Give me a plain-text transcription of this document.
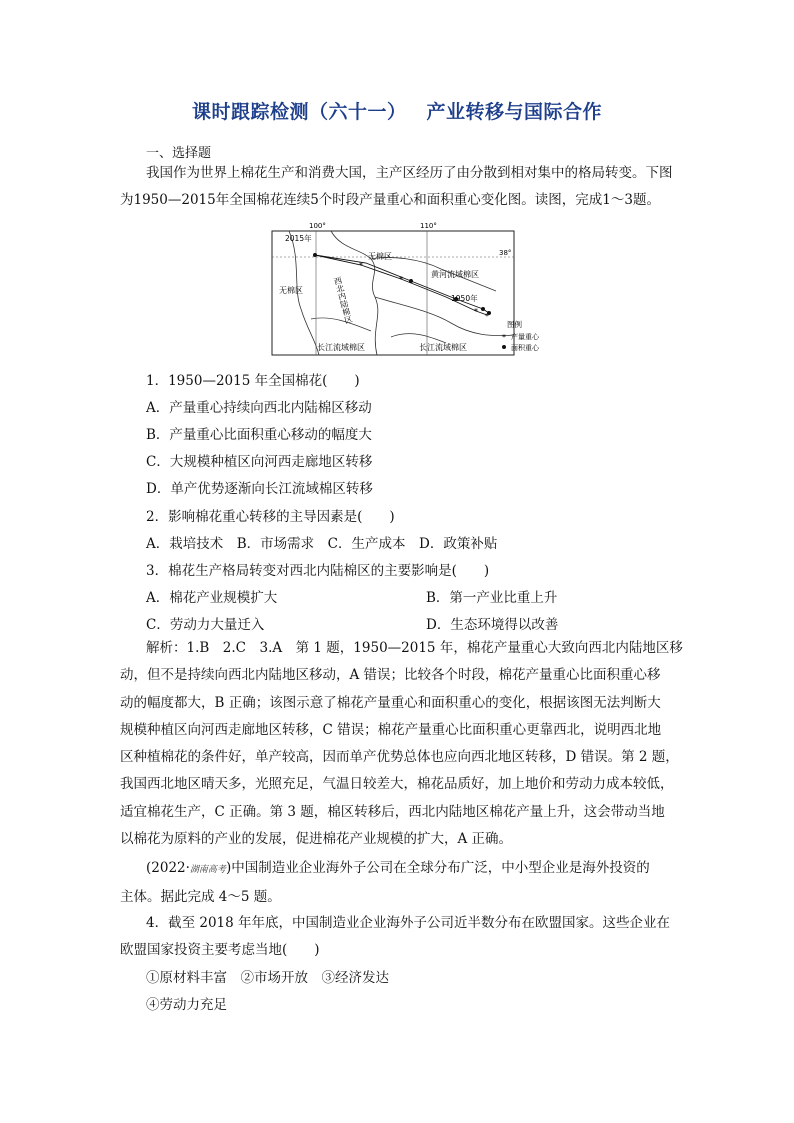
课时跟踪检测（六十一） 产业转移与国际合作
一、选择题
我国作为世界上棉花生产和消费大国，主产区经历了由分散到相对集中的格局转变。下图为1950—2015年全国棉花连续5个时段产量重心和面积重心变化图。读图，完成1～3题。
*
*
*
*
100°	110°
38°
2015年
1950年
无棉区
无棉区	西北内陆棉区
黄河流域棉区
长江流域棉区	长江流域棉区
图例
* 产量重心
面积重心
1．1950—2015 年全国棉花(　　)
A．产量重心持续向西北内陆棉区移动
B．产量重心比面积重心移动的幅度大
C．大规模种植区向河西走廊地区转移
D．单产优势逐渐向长江流域棉区转移
2．影响棉花重心转移的主导因素是(　　)
A．栽培技术　B．市场需求　C．生产成本　D．政策补贴
3．棉花生产格局转变对西北内陆棉区的主要影响是(　　)
A．棉花产业规模扩大	B．第一产业比重上升
C．劳动力大量迁入	D．生态环境得以改善
解析：1.B　2.C　3.A　第 1 题，1950—2015 年，棉花产量重心大致向西北内陆地区移
动，但不是持续向西北内陆地区移动，A 错误；比较各个时段，棉花产量重心比面积重心移
动的幅度都大，B 正确；该图示意了棉花产量重心和面积重心的变化，根据该图无法判断大
规模种植区向河西走廊地区转移，C 错误；棉花产量重心比面积重心更靠西北，说明西北地
区种植棉花的条件好，单产较高，因而单产优势总体也应向西北地区转移，D 错误。第 2 题，
我国西北地区晴天多，光照充足，气温日较差大，棉花品质好，加上地价和劳动力成本较低，
适宜棉花生产，C 正确。第 3 题，棉区转移后，西北内陆地区棉花产量上升，这会带动当地
以棉花为原料的产业的发展，促进棉花产业规模的扩大，A 正确。
(2022·湖南高考)中国制造业企业海外子公司在全球分布广泛，中小型企业是海外投资的
主体。据此完成 4～5 题。
4．截至 2018 年年底，中国制造业企业海外子公司近半数分布在欧盟国家。这些企业在
欧盟国家投资主要考虑当地(　　)
①原材料丰富　②市场开放　③经济发达
④劳动力充足
